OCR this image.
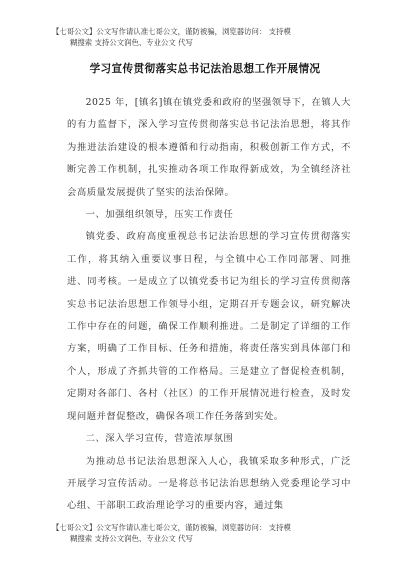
【七哥公文】公文写作请认准七哥公文，谨防被骗，浏览器访问： 支持模
糊搜索 支持公文润色、专业公文 代写
学习宣传贯彻落实总书记法治思想工作开展情况

2025 年，[镇名]镇在镇党委和政府的坚强领导下，在镇人大的有力监督下，深入学习宣传贯彻落实总书记法治思想，将其作为推进法治建设的根本遵循和行动指南，积极创新工作方式，不断完善工作机制，扎实推动各项工作取得新成效，为全镇经济社会高质量发展提供了坚实的法治保障。

一、加强组织领导，压实工作责任

镇党委、政府高度重视总书记法治思想的学习宣传贯彻落实工作，将其纳入重要议事日程，与全镇中心工作同部署、同推进、同考核。一是成立了以镇党委书记为组长的学习宣传贯彻落实总书记法治思想工作领导小组，定期召开专题会议，研究解决工作中存在的问题，确保工作顺利推进。二是制定了详细的工作方案，明确了工作目标、任务和措施，将责任落实到具体部门和个人，形成了齐抓共管的工作格局。三是建立了督促检查机制，定期对各部门、各村（社区）的工作开展情况进行检查，及时发现问题并督促整改，确保各项工作任务落到实处。

二、深入学习宣传，营造浓厚氛围

为推动总书记法治思想深入人心，我镇采取多种形式，广泛开展学习宣传活动。一是将总书记法治思想纳入党委理论学习中心组、干部职工政治理论学习的重要内容，通过集

【七哥公文】公文写作请认准七哥公文，谨防被骗，浏览器访问： 支持模
糊搜索 支持公文润色、专业公文 代写
